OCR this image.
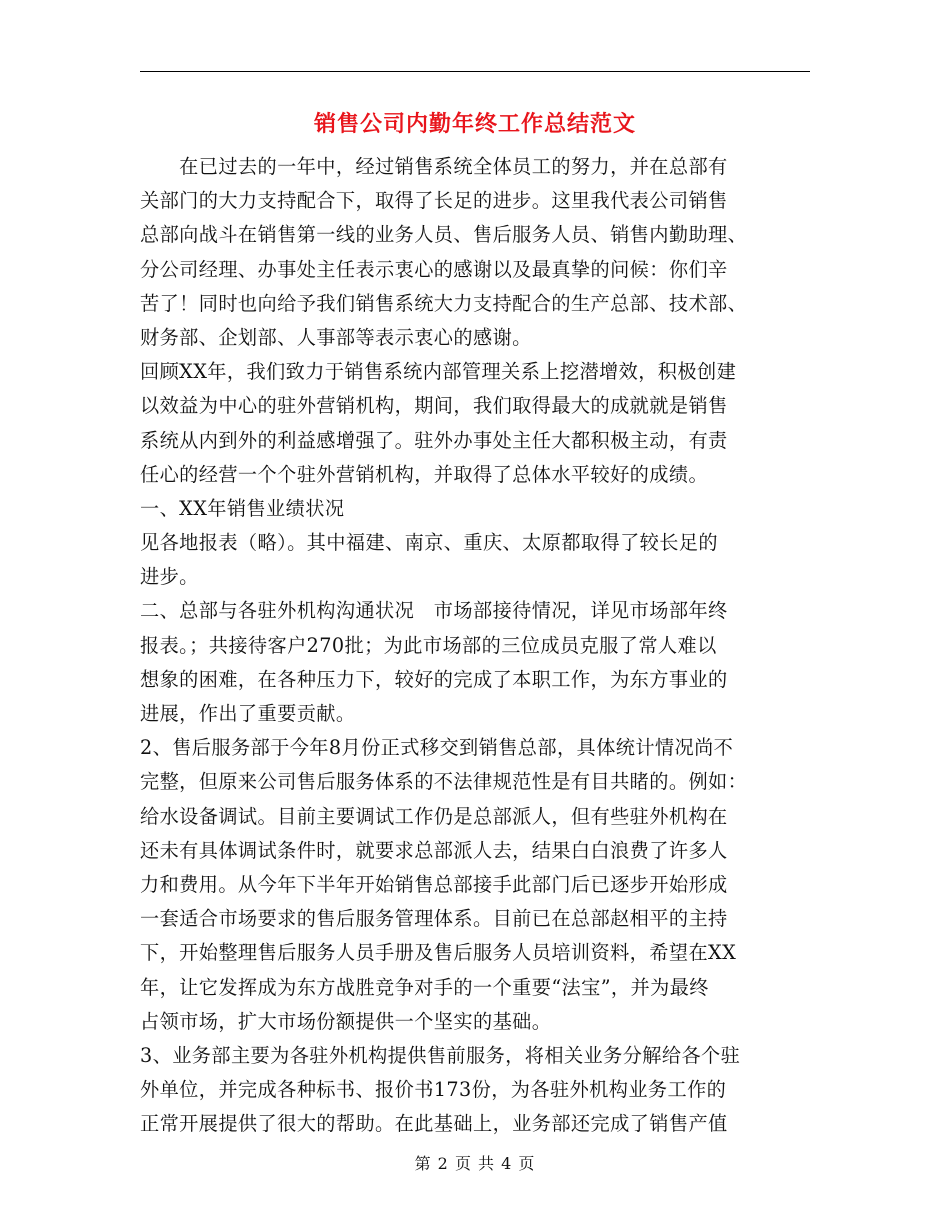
销售公司内勤年终工作总结范文
　　在已过去的一年中，经过销售系统全体员工的努力，并在总部有
关部门的大力支持配合下，取得了长足的进步。这里我代表公司销售
总部向战斗在销售第一线的业务人员、售后服务人员、销售内勤助理、
分公司经理、办事处主任表示衷心的感谢以及最真挚的问候：你们辛
苦了！同时也向给予我们销售系统大力支持配合的生产总部、技术部、
财务部、企划部、人事部等表示衷心的感谢。
回顾XX年，我们致力于销售系统内部管理关系上挖潜增效，积极创建
以效益为中心的驻外营销机构，期间，我们取得最大的成就就是销售
系统从内到外的利益感增强了。驻外办事处主任大都积极主动，有责
任心的经营一个个驻外营销机构，并取得了总体水平较好的成绩。
一、XX年销售业绩状况
见各地报表（略）。其中福建、南京、重庆、太原都取得了较长足的
进步。
二、总部与各驻外机构沟通状况　市场部接待情况，详见市场部年终
报表。；共接待客户270批；为此市场部的三位成员克服了常人难以
想象的困难，在各种压力下，较好的完成了本职工作，为东方事业的
进展，作出了重要贡献。
2、售后服务部于今年8月份正式移交到销售总部，具体统计情况尚不
完整，但原来公司售后服务体系的不法律规范性是有目共睹的。例如：
给水设备调试。目前主要调试工作仍是总部派人，但有些驻外机构在
还未有具体调试条件时，就要求总部派人去，结果白白浪费了许多人
力和费用。从今年下半年开始销售总部接手此部门后已逐步开始形成
一套适合市场要求的售后服务管理体系。目前已在总部赵相平的主持
下，开始整理售后服务人员手册及售后服务人员培训资料，希望在XX
年，让它发挥成为东方战胜竞争对手的一个重要“法宝”，并为最终
占领市场，扩大市场份额提供一个坚实的基础。
3、业务部主要为各驻外机构提供售前服务，将相关业务分解给各个驻
外单位，并完成各种标书、报价书173份，为各驻外机构业务工作的
正常开展提供了很大的帮助。在此基础上，业务部还完成了销售产值
第 2 页 共 4 页
